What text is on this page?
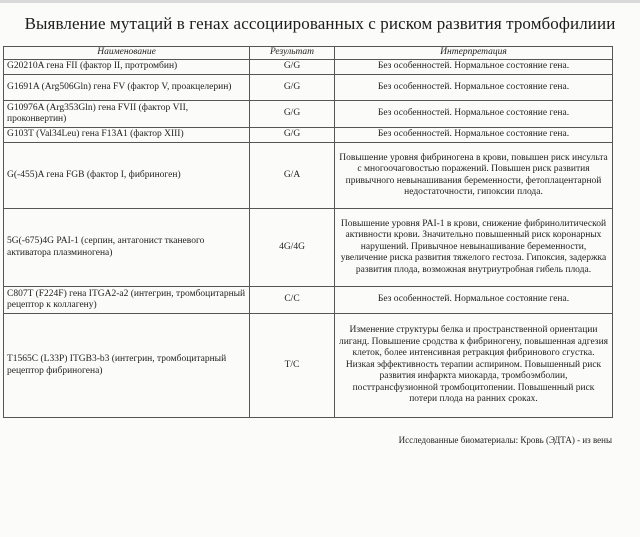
Выявление мутаций в генах ассоциированных с риском развития тромбофилиии
Наименование	Результат	Интерпретация
G20210A гена FII (фактор II, протромбин)	G/G	Без особенностей. Нормальное состояние гена.
G1691A (Arg506Gln) гена FV (фактор V, проакцелерин)	G/G	Без особенностей. Нормальное состояние гена.
G10976A (Arg353Gln) гена FVII (фактор VII, проконвертин)	G/G	Без особенностей. Нормальное состояние гена.
G103T (Val34Leu) гена F13A1 (фактор XIII)	G/G	Без особенностей. Нормальное состояние гена.
G(-455)A гена FGB (фактор I, фибриноген)	G/A	Повышение уровня фибриногена в крови, повышен риск инсульта с многоочаговостью поражений. Повышен риск развития привычного невынашивания беременности, фетоплацентарной недостаточности, гипоксии плода.
5G(-675)4G PAI-1 (серпин, антагонист тканевого активатора плазминогена)	4G/4G	Повышение уровня PAI-1 в крови, снижение фибринолитической активности крови. Значительно повышенный риск коронарных нарушений. Привычное невынашивание беременности, увеличение риска развития тяжелого гестоза. Гипоксия, задержка развития плода, возможная внутриутробная гибель плода.
C807T (F224F) гена ITGA2-a2 (интегрин, тромбоцитарный рецептор к коллагену)	C/C	Без особенностей. Нормальное состояние гена.
T1565C (L33P) ITGB3-b3 (интегрин, тромбоцитарный рецептор фибриногена)	T/C	Изменение структуры белка и пространственной ориентации лиганд. Повышение сродства к фибриногену, повышенная адгезия клеток, более интенсивная ретракция фибринового сгустка. Низкая эффективность терапии аспирином. Повышенный риск развития инфаркта миокарда, тромбоэмболии, посттрансфузионной тромбоцитопении. Повышенный риск потери плода на ранних сроках.
Исследованные биоматериалы: Кровь (ЭДТА) - из вены
